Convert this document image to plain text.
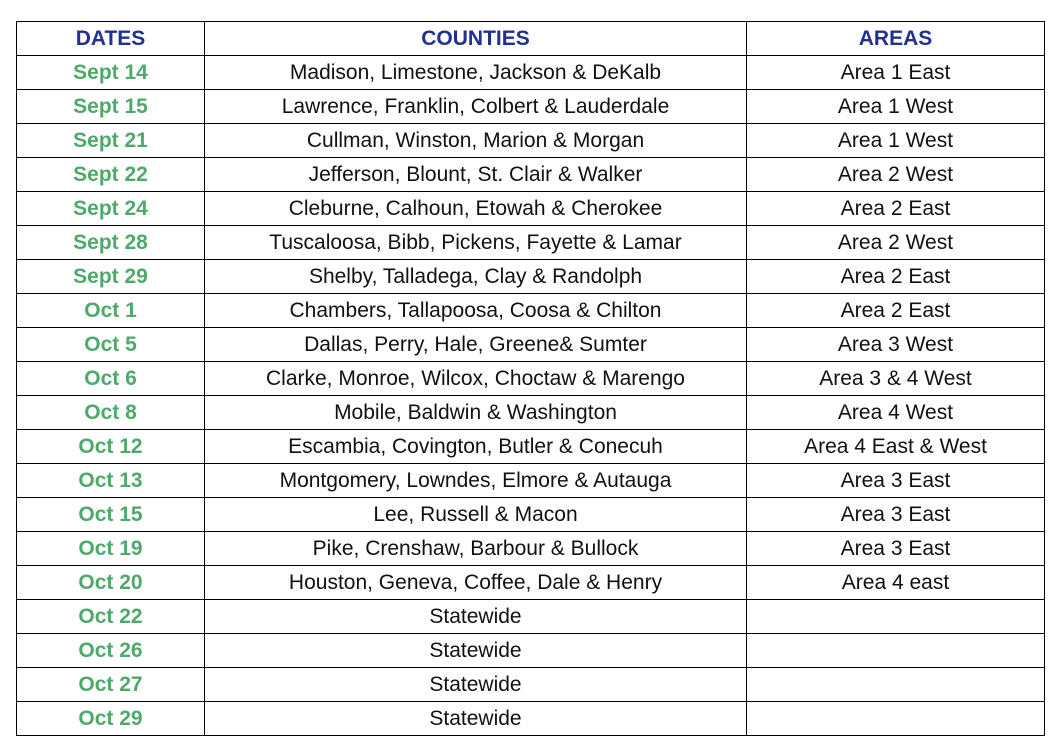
DATES	COUNTIES	AREAS
Sept 14	Madison, Limestone, Jackson & DeKalb	Area 1 East
Sept 15	Lawrence, Franklin, Colbert & Lauderdale	Area 1 West
Sept 21	Cullman, Winston, Marion & Morgan	Area 1 West
Sept 22	Jefferson, Blount, St. Clair & Walker	Area 2 West
Sept 24	Cleburne, Calhoun, Etowah & Cherokee	Area 2 East
Sept 28	Tuscaloosa, Bibb, Pickens, Fayette & Lamar	Area 2 West
Sept 29	Shelby, Talladega, Clay & Randolph	Area 2 East
Oct 1	Chambers, Tallapoosa, Coosa & Chilton	Area 2 East
Oct 5	Dallas, Perry, Hale, Greene& Sumter	Area 3 West
Oct 6	Clarke, Monroe, Wilcox, Choctaw & Marengo	Area 3 & 4 West
Oct 8	Mobile, Baldwin & Washington	Area 4 West
Oct 12	Escambia, Covington, Butler & Conecuh	Area 4 East & West
Oct 13	Montgomery, Lowndes, Elmore & Autauga	Area 3 East
Oct 15	Lee, Russell & Macon	Area 3 East
Oct 19	Pike, Crenshaw, Barbour & Bullock	Area 3 East
Oct 20	Houston, Geneva, Coffee, Dale & Henry	Area 4 east
Oct 22	Statewide	
Oct 26	Statewide	
Oct 27	Statewide	
Oct 29	Statewide	
